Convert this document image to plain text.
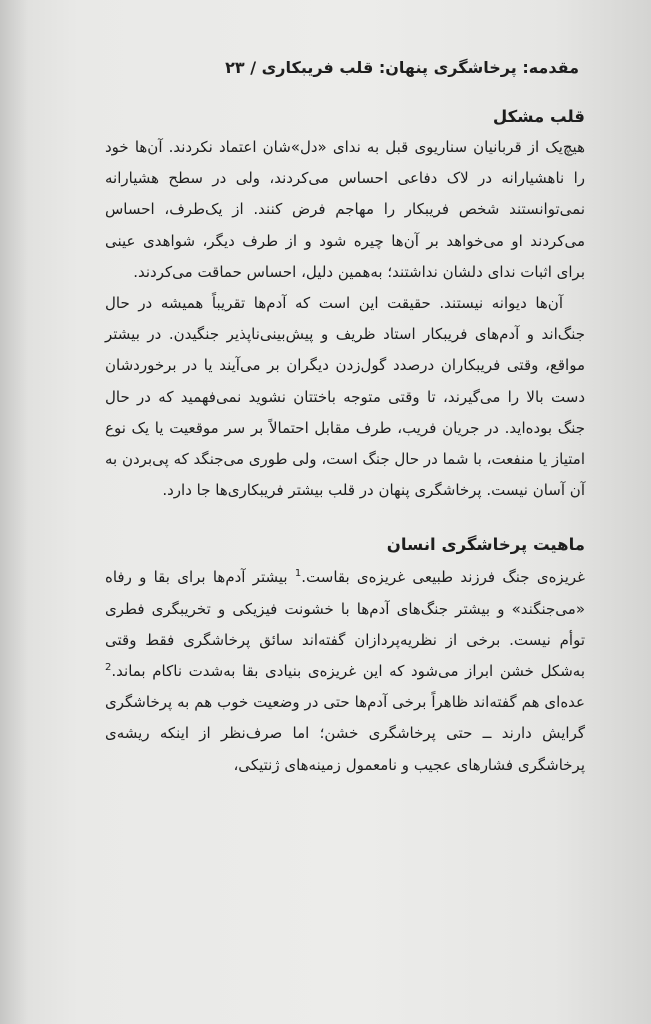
مقدمه: پرخاشگری پنهان: قلب فریبکاری / ۲۳
قلب مشکل

هیچ‌یک از قربانیان سناریوی قبل به ندای «دل»شان اعتماد نکردند. آن‌ها خود را ناهشیارانه در لاک دفاعی احساس می‌کردند، ولی در سطح هشیارانه نمی‌توانستند شخص فریبکار را مهاجم فرض کنند. از یک‌طرف، احساس می‌کردند او می‌خواهد بر آن‌ها چیره شود و از طرف دیگر، شواهدی عینی برای اثبات ندای دلشان نداشتند؛ به‌همین دلیل، احساس حماقت می‌کردند.

آن‌ها دیوانه نیستند. حقیقت این است که آدم‌ها تقریباً همیشه در حال جنگ‌اند و آدم‌های فریبکار استاد ظریف و پیش‌بینی‌ناپذیر جنگیدن. در بیشتر مواقع، وقتی فریبکاران درصدد گول‌زدن دیگران بر می‌آیند یا در برخوردشان دست بالا را می‌گیرند، تا وقتی متوجه باختتان نشوید نمی‌فهمید که در حال جنگ بوده‌اید. در جریان فریب، طرف مقابل احتمالاً بر سر موقعیت یا یک نوع امتیاز یا منفعت، با شما در حال جنگ است، ولی طوری می‌جنگد که پی‌بردن به آن آسان نیست. پرخاشگری پنهان در قلب بیشتر فریبکاری‌ها جا دارد.

ماهیت پرخاشگری انسان

غریزه‌ی جنگ فرزند طبیعی غریزه‌ی بقاست.$^1$ بیشتر آدم‌ها برای بقا و رفاه «می‌جنگند» و بیشتر جنگ‌های آدم‌ها با خشونت فیزیکی و تخریبگری فطری توأم نیست. برخی از نظریه‌پردازان گفته‌اند سائق پرخاشگری فقط وقتی به‌شکل خشن ابراز می‌شود که این غریزه‌ی بنیادی بقا به‌شدت ناکام بماند.$^2$ عده‌ای هم گفته‌اند ظاهراً برخی آدم‌ها حتی در وضعیت خوب هم به پرخاشگری گرایش دارند ــ حتی پرخاشگری خشن؛ اما صرف‌نظر از اینکه ریشه‌ی پرخاشگری فشارهای عجیب و نامعمول زمینه‌های ژنتیکی،
